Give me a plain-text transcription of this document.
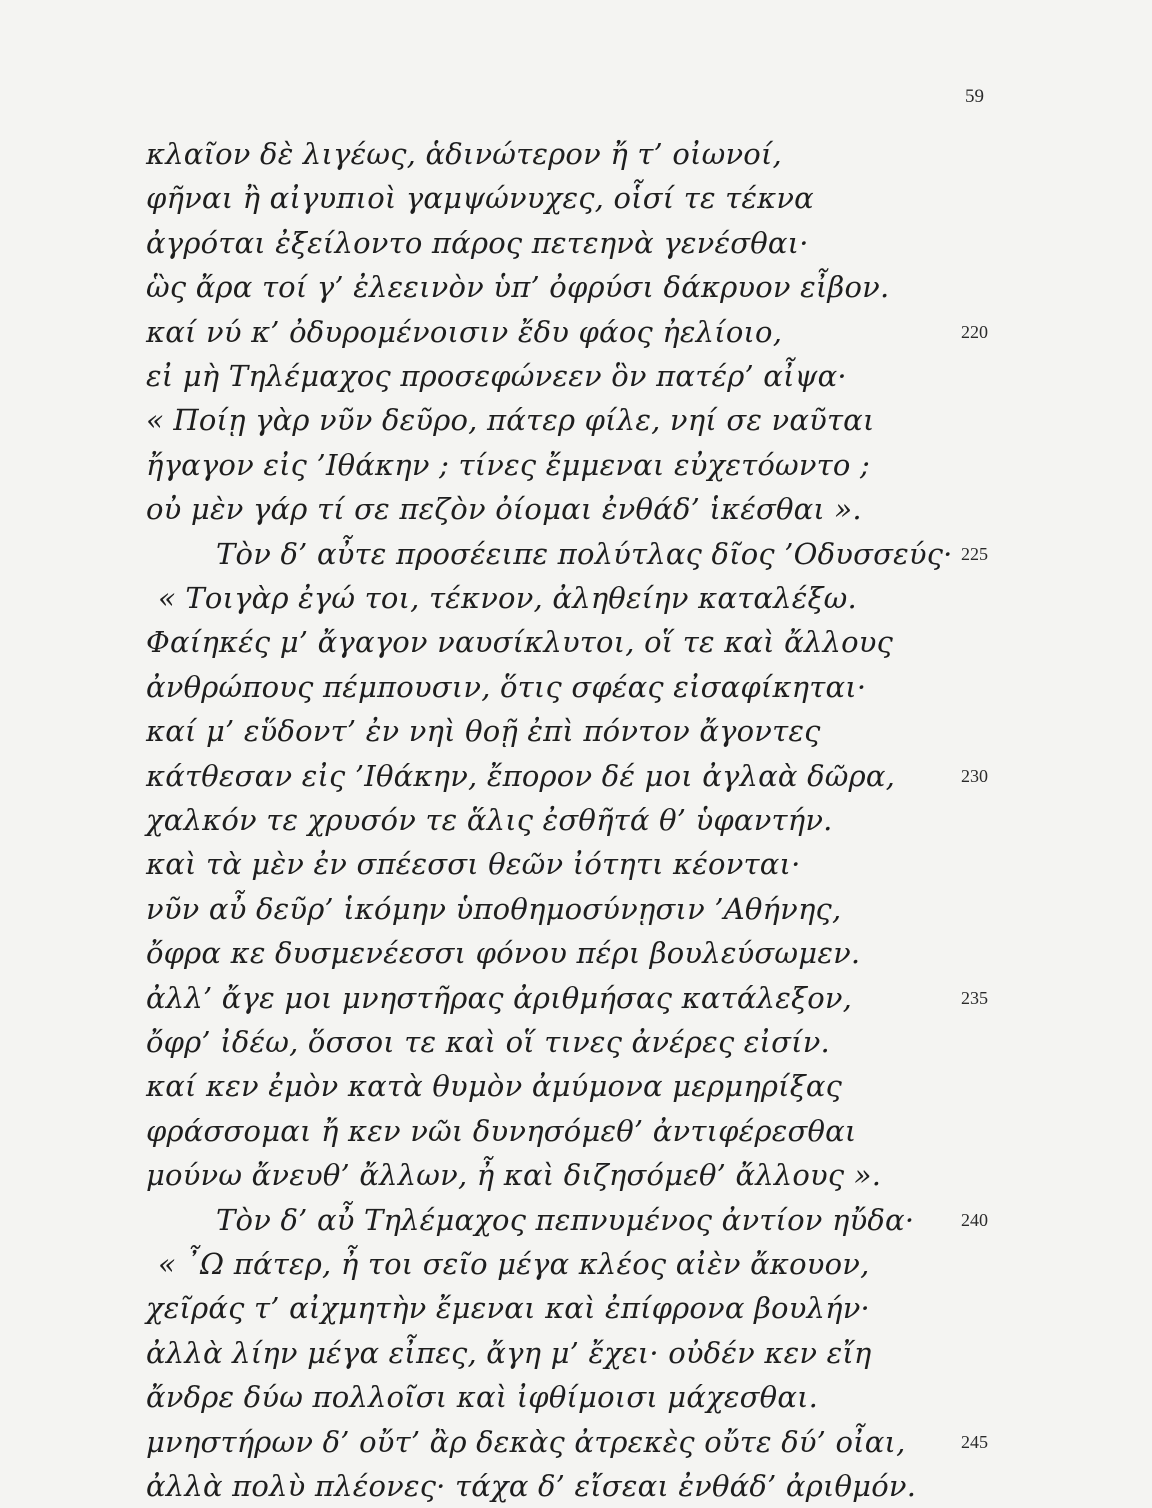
59
κλαῖον δὲ λιγέως, ἁδινώτερον ἤ τ’ οἰωνοί,
φῆναι ἢ αἰγυπιοὶ γαμψώνυχες, οἷσί τε τέκνα
ἀγρόται ἐξείλοντο πάρος πετεηνὰ γενέσθαι·
ὣς ἄρα τοί γ’ ἐλεεινὸν ὑπ’ ὀφρύσι δάκρυον εἶβον.
καί νύ κ’ ὀδυρομένοισιν ἔδυ φάος ἠελίοιο,	220
εἰ μὴ Τηλέμαχος προσεφώνεεν ὃν πατέρ’ αἶψα·
« Ποίῃ γὰρ νῦν δεῦρο, πάτερ φίλε, νηί σε ναῦται
ἤγαγον εἰς ’Ιθάκην ; τίνες ἔμμεναι εὐχετόωντο ;
οὐ μὲν γάρ τί σε πεζὸν ὀίομαι ἐνθάδ’ ἱκέσθαι ».
Τὸν δ’ αὖτε προσέειπε πολύτλας δῖος ’Οδυσσεύς· 225
« Τοιγὰρ ἐγώ τοι, τέκνον, ἀληθείην καταλέξω.
Φαίηκές μ’ ἄγαγον ναυσίκλυτοι, οἵ τε καὶ ἄλλους
ἀνθρώπους πέμπουσιν, ὅτις σφέας εἰσαφίκηται·
καί μ’ εὕδοντ’ ἐν νηὶ θοῇ ἐπὶ πόντον ἄγοντες
κάτθεσαν εἰς ’Ιθάκην, ἔπορον δέ μοι ἀγλαὰ δῶρα,	230
χαλκόν τε χρυσόν τε ἅλις ἐσθῆτά θ’ ὑφαντήν.
καὶ τὰ μὲν ἐν σπέεσσι θεῶν ἰότητι κέονται·
νῦν αὖ δεῦρ’ ἱκόμην ὑποθημοσύνῃσιν ’Αθήνης,
ὄφρα κε δυσμενέεσσι φόνου πέρι βουλεύσωμεν.
ἀλλ’ ἄγε μοι μνηστῆρας ἀριθμήσας κατάλεξον,	235
ὄφρ’ ἰδέω, ὅσσοι τε καὶ οἵ τινες ἀνέρες εἰσίν.
καί κεν ἐμὸν κατὰ θυμὸν ἀμύμονα μερμηρίξας
φράσσομαι ἤ κεν νῶι δυνησόμεθ’ ἀντιφέρεσθαι
μούνω ἄνευθ’ ἄλλων, ἦ καὶ διζησόμεθ’ ἄλλους ».
Τὸν δ’ αὖ Τηλέμαχος πεπνυμένος ἀντίον ηὔδα·	240
« ῏Ω πάτερ, ἦ τοι σεῖο μέγα κλέος αἰὲν ἄκουον,
χεῖράς τ’ αἰχμητὴν ἔμεναι καὶ ἐπίφρονα βουλήν·
ἀλλὰ λίην μέγα εἶπες, ἄγη μ’ ἔχει· οὐδέν κεν εἴη
ἄνδρε δύω πολλοῖσι καὶ ἰφθίμοισι μάχεσθαι.
μνηστήρων δ’ οὔτ’ ἂρ δεκὰς ἀτρεκὲς οὔτε δύ’ οἶαι,	245
ἀλλὰ πολὺ πλέονες· τάχα δ’ εἴσεαι ἐνθάδ’ ἀριθμόν.
